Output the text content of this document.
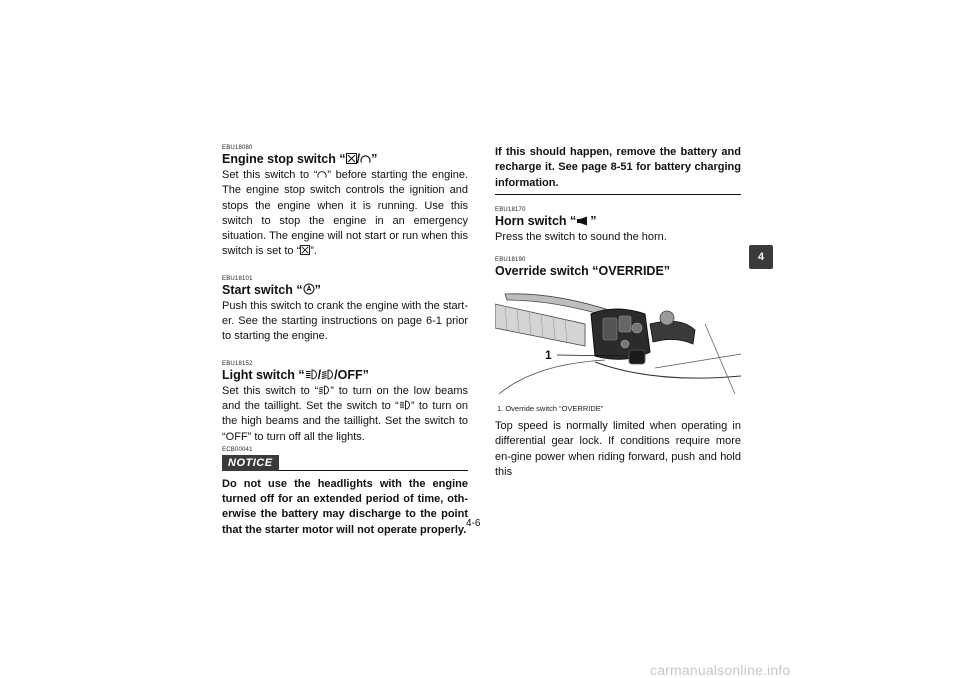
EBU18080
Engine stop switch “ / ”

Set this switch to “ ” before starting the engine. The engine stop switch controls the ignition and stops the engine when it is running. Use this switch to stop the engine in an emergency situation. The engine will not start or run when this switch is set to “ ”.

EBU18101
Start switch “ ”

Push this switch to crank the engine with the start-er. See the starting instructions on page 6-1 prior to starting the engine.

EBU18152
Light switch “ / /OFF”

Set this switch to “ ” to turn on the low beams and the taillight. Set the switch to “ ” to turn on the high beams and the taillight. Set the switch to “OFF” to turn off all the lights.

ECB00041
NOTICE

Do not use the headlights with the engine turned off for an extended period of time, oth-erwise the battery may discharge to the point that the starter motor will not operate properly.

If this should happen, remove the battery and recharge it. See page 8-51 for battery charging information.

EBU18170
Horn switch “ ”

Press the switch to sound the horn.

EBU18190
Override switch “OVERRIDE”
1
1. Override switch “OVERRIDE”

Top speed is normally limited when operating in differential gear lock. If conditions require more en-gine power when riding forward, push and hold this

4
4-6
carmanualsonline.info
